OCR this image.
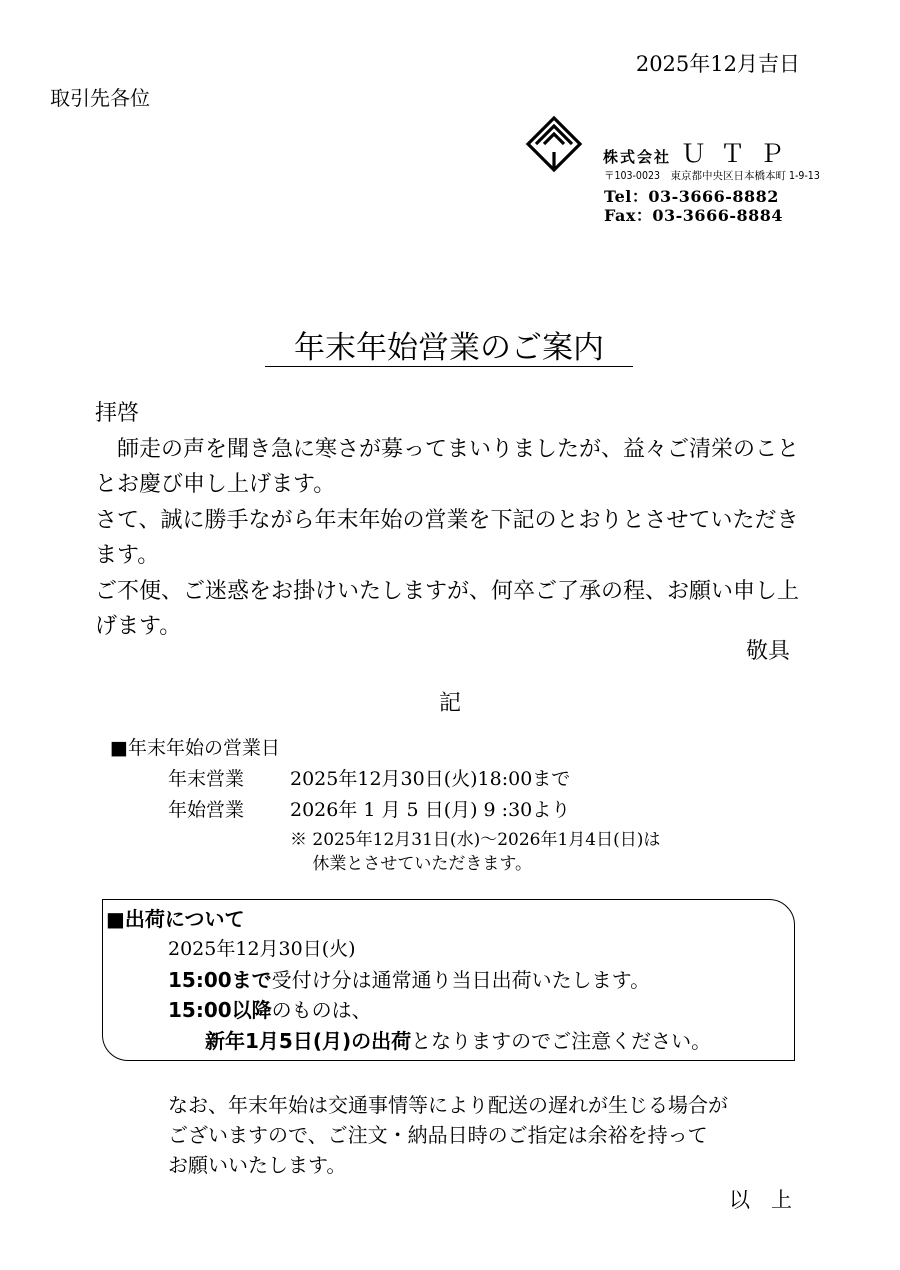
2025年12月吉日
取引先各位
株式会社 ＵＴＰ
〒103-0023　東京都中央区日本橋本町 1-9-13
Tel：03-3666-8882
Fax：03-3666-8884
年末年始営業のご案内

拝啓

師走の声を聞き急に寒さが募ってまいりましたが、益々ご清栄のこととお慶び申し上げます。

さて、誠に勝手ながら年末年始の営業を下記のとおりとさせていただきます。

ご不便、ご迷惑をお掛けいたしますが、何卒ご了承の程、お願い申し上げます。

敬具
記
■年末年始の営業日
年末営業 2025年12月30日(火)18:00まで
年始営業 2026年 1 月 5 日(月) 9 :30より
※ 2025年12月31日(水)～2026年1月4日(日)は
　 休業とさせていただきます。
■出荷について
2025年12月30日(火)
15:00まで受付け分は通常通り当日出荷いたします。
15:00以降のものは、
新年1月5日(月)の出荷となりますのでご注意ください。

なお、年末年始は交通事情等により配送の遅れが生じる場合が

ございますので、ご注文・納品日時のご指定は余裕を持って

お願いいたします。

以　上
